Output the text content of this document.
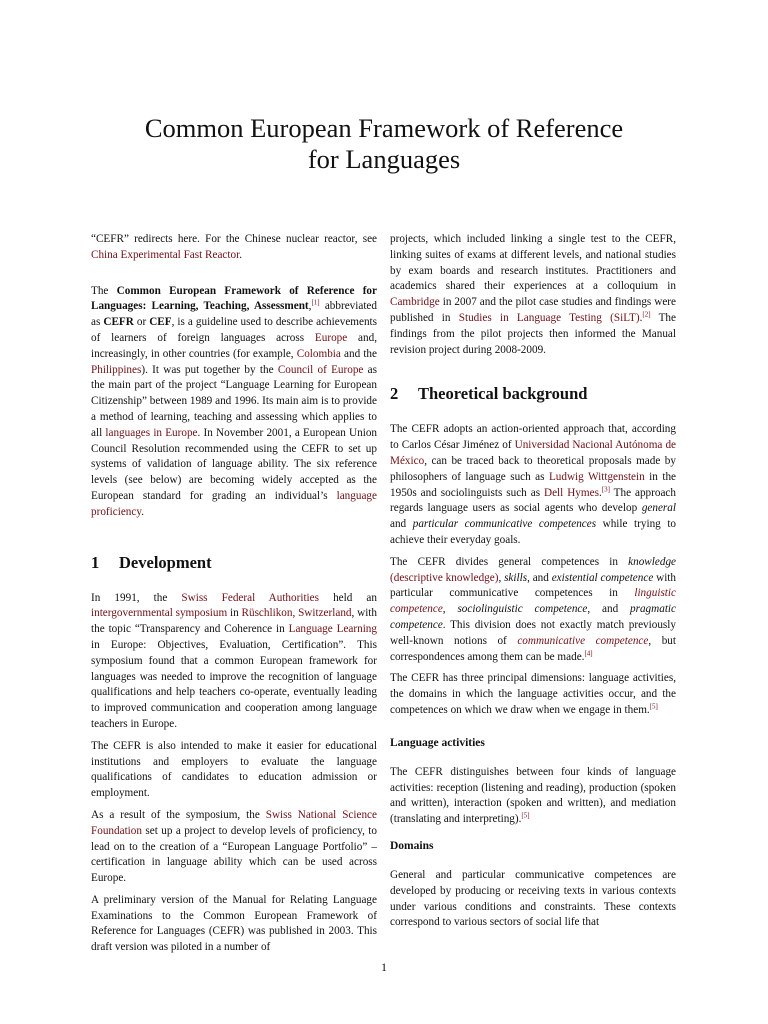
Common European Framework of Reference
for Languages

“CEFR” redirects here. For the Chinese nuclear reactor, see China Experimental Fast Reactor.

The Common European Framework of Reference for Languages: Learning, Teaching, Assessment,[1] abbreviated as CEFR or CEF, is a guideline used to describe achievements of learners of foreign languages across Europe and, increasingly, in other countries (for example, Colombia and the Philippines). It was put together by the Council of Europe as the main part of the project “Language Learning for European Citizenship” between 1989 and 1996. Its main aim is to provide a method of learning, teaching and assessing which applies to all languages in Europe. In November 2001, a European Union Council Resolution recommended using the CEFR to set up systems of validation of language ability. The six reference levels (see below) are becoming widely accepted as the European standard for grading an individual’s language proficiency.

1 Development

In 1991, the Swiss Federal Authorities held an intergovernmental symposium in Rüschlikon, Switzerland, with the topic “Transparency and Coherence in Language Learning in Europe: Objectives, Evaluation, Certification”. This symposium found that a common European framework for languages was needed to improve the recognition of language qualifications and help teachers co-operate, eventually leading to improved communication and cooperation among language teachers in Europe.

The CEFR is also intended to make it easier for educational institutions and employers to evaluate the language qualifications of candidates to education admission or employment.

As a result of the symposium, the Swiss National Science Foundation set up a project to develop levels of proficiency, to lead on to the creation of a “European Language Portfolio” – certification in language ability which can be used across Europe.

A preliminary version of the Manual for Relating Language Examinations to the Common European Framework of Reference for Languages (CEFR) was published in 2003. This draft version was piloted in a number of

projects, which included linking a single test to the CEFR, linking suites of exams at different levels, and national studies by exam boards and research institutes. Practitioners and academics shared their experiences at a colloquium in Cambridge in 2007 and the pilot case studies and findings were published in Studies in Language Testing (SiLT).[2] The findings from the pilot projects then informed the Manual revision project during 2008-2009.

2 Theoretical background

The CEFR adopts an action-oriented approach that, according to Carlos César Jiménez of Universidad Nacional Autónoma de México, can be traced back to theoretical proposals made by philosophers of language such as Ludwig Wittgenstein in the 1950s and sociolinguists such as Dell Hymes.[3] The approach regards language users as social agents who develop general and particular communicative competences while trying to achieve their everyday goals.

The CEFR divides general competences in knowledge (descriptive knowledge), skills, and existential competence with particular communicative competences in linguistic competence, sociolinguistic competence, and pragmatic competence. This division does not exactly match previously well-known notions of communicative competence, but correspondences among them can be made.[4]

The CEFR has three principal dimensions: language activities, the domains in which the language activities occur, and the competences on which we draw when we engage in them.[5]

Language activities

The CEFR distinguishes between four kinds of language activities: reception (listening and reading), production (spoken and written), interaction (spoken and written), and mediation (translating and interpreting).[5]

Domains

General and particular communicative competences are developed by producing or receiving texts in various contexts under various conditions and constraints. These contexts correspond to various sectors of social life that

1
